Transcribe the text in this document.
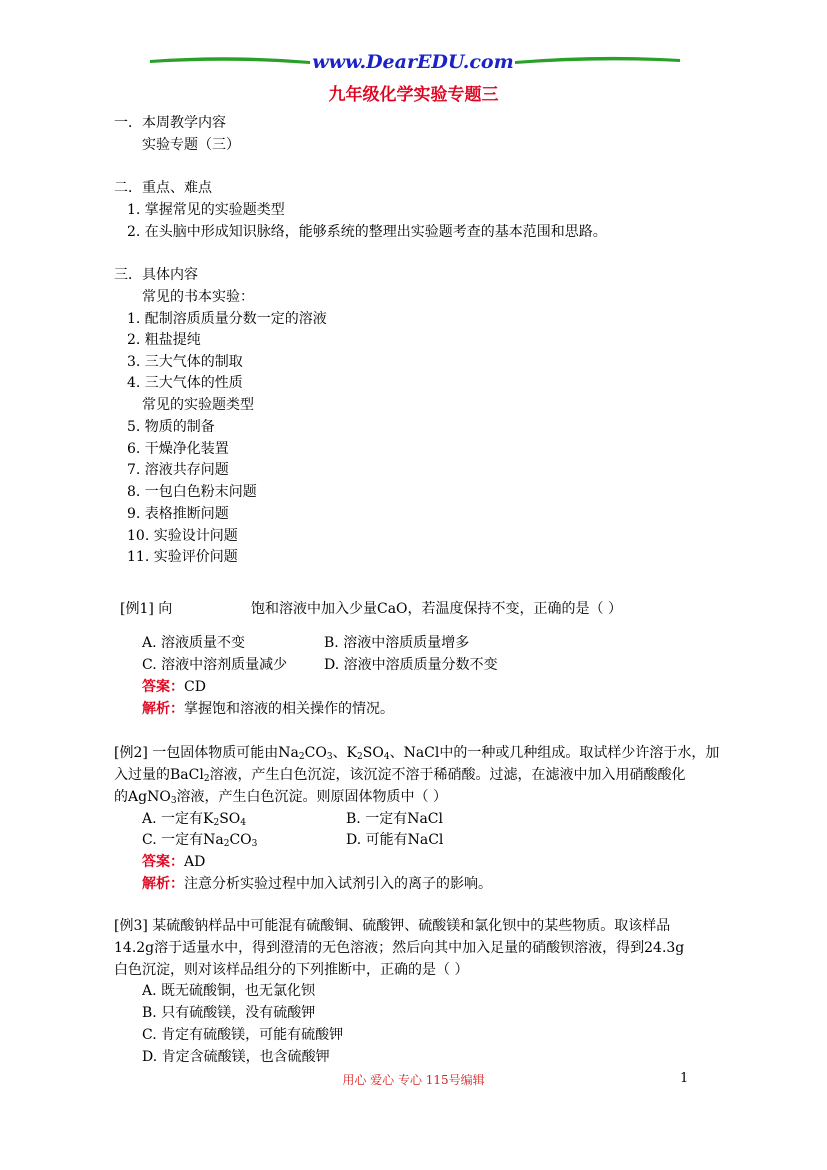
www.DearEDU.com
九年级化学实验专题三
一．本周教学内容
实验专题（三）
二．重点、难点
1. 掌握常见的实验题类型
2. 在头脑中形成知识脉络，能够系统的整理出实验题考查的基本范围和思路。
三．具体内容
常见的书本实验：
1. 配制溶质质量分数一定的溶液
2. 粗盐提纯
3. 三大气体的制取
4. 三大气体的性质
常见的实验题类型
5. 物质的制备
6. 干燥净化装置
7. 溶液共存问题
8. 一包白色粉末问题
9. 表格推断问题
10. 实验设计问题
11. 实验评价问题
[例1] 向	饱和溶液中加入少量CaO，若温度保持不变，正确的是（ ）
A. 溶液质量不变	B. 溶液中溶质质量增多
C. 溶液中溶剂质量减少	D. 溶液中溶质质量分数不变
答案：CD
解析：掌握饱和溶液的相关操作的情况。
[例2] 一包固体物质可能由$Na_2CO_3$、$K_2SO_4$、NaCl中的一种或几种组成。取试样少许溶于水，加
入过量的BaCl$_2$溶液，产生白色沉淀，该沉淀不溶于稀硝酸。过滤，在滤液中加入用硝酸酸化
的AgNO$_3$溶液，产生白色沉淀。则原固体物质中（ ）
A. 一定有$K_2SO_4$	B. 一定有NaCl
C. 一定有$Na_2CO_3$	D. 可能有NaCl
答案：AD
解析：注意分析实验过程中加入试剂引入的离子的影响。
[例3] 某硫酸钠样品中可能混有硫酸铜、硫酸钾、硫酸镁和氯化钡中的某些物质。取该样品
14.2g溶于适量水中，得到澄清的无色溶液；然后向其中加入足量的硝酸钡溶液，得到24.3g
白色沉淀，则对该样品组分的下列推断中，正确的是（ ）
A. 既无硫酸铜，也无氯化钡
B. 只有硫酸镁，没有硫酸钾
C. 肯定有硫酸镁，可能有硫酸钾
D. 肯定含硫酸镁，也含硫酸钾
用心 爱心 专心 115号编辑	1
